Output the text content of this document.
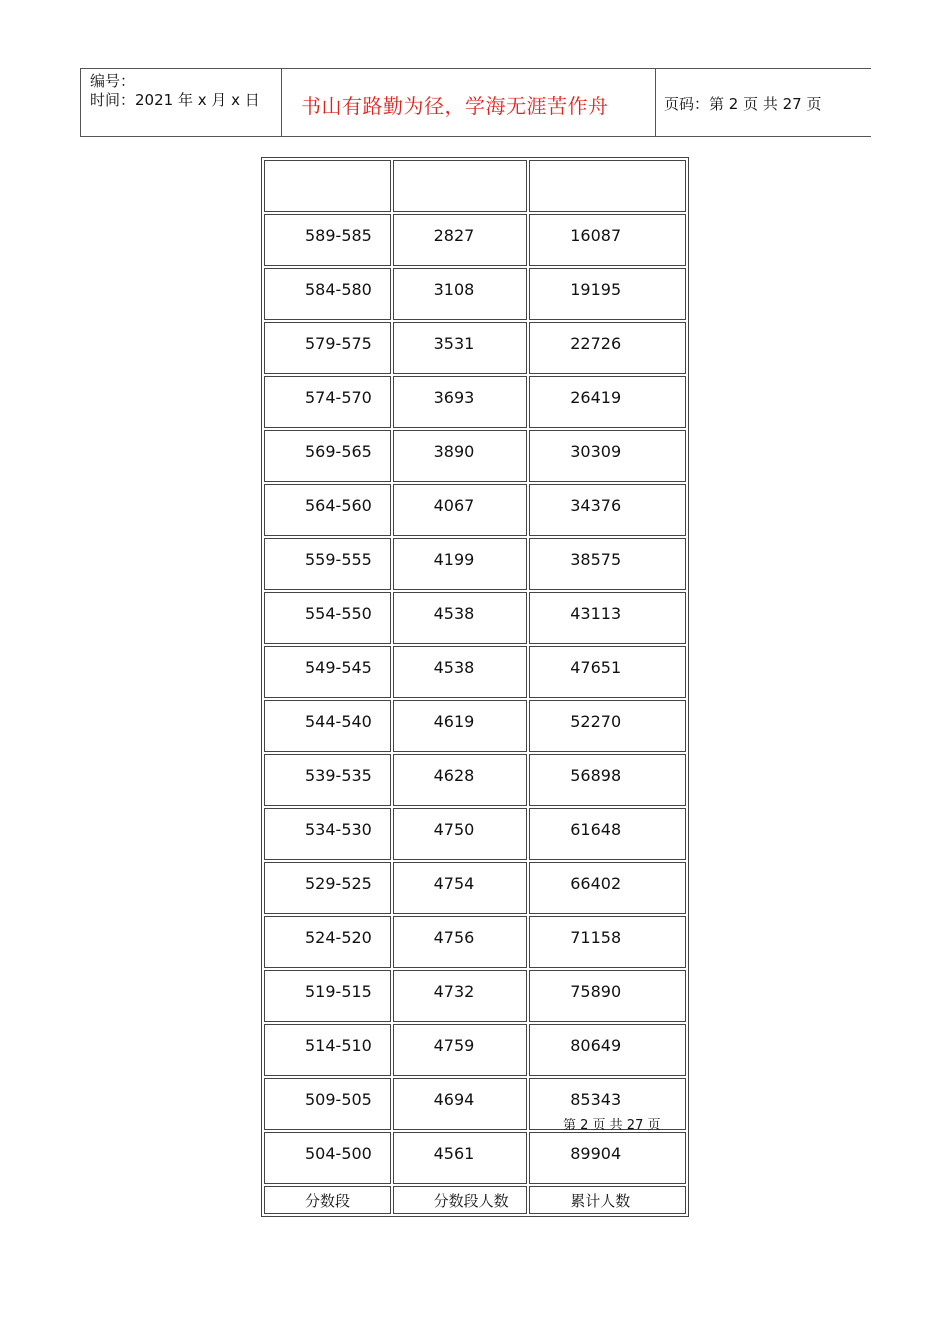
编号：
时间：2021 年 x 月 x 日 书山有路勤为径，学海无涯苦作舟	页码：第 2 页 共 27 页

589-585	2827	16087

584-580	3108	19195

579-575	3531	22726

574-570	3693	26419

569-565	3890	30309

564-560	4067	34376

559-555	4199	38575

554-550	4538	43113

549-545	4538	47651

544-540	4619	52270

539-535	4628	56898

534-530	4750	61648

529-525	4754	66402

524-520	4756	71158

519-515	4732	75890

514-510	4759	80649

509-505	4694	85343

504-500	4561	89904

分数段	分数段人数	累计人数
第 2 页 共 27 页
